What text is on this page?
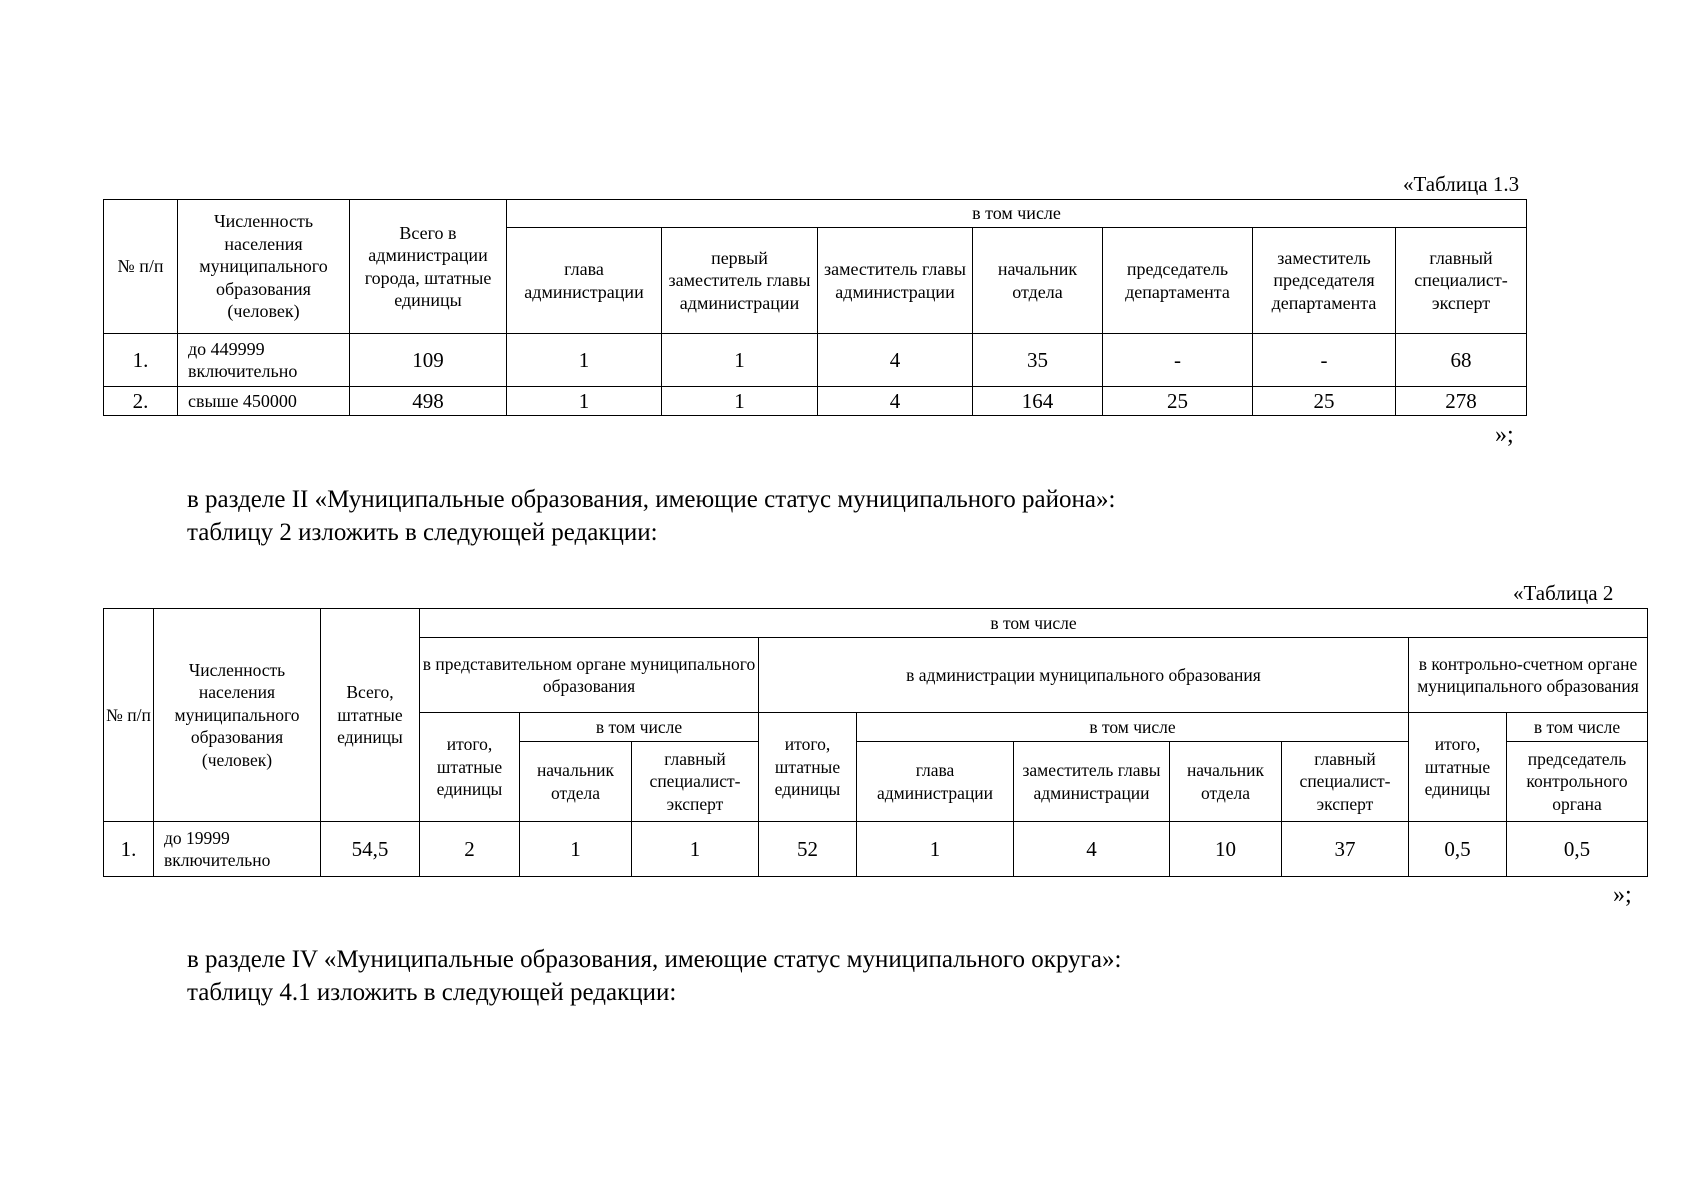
«Таблица 1.3
№ п/п	Численность населения муниципального образования (человек)	Всего в администрации города, штатные единицы	в том числе						
			глава администрации	первый заместитель главы администрации	заместитель главы администрации	начальник отдела	председатель департамента	заместитель председателя департамента	главный специалист-эксперт
1.	до 449999 включительно	109	1	1	4	35	-	-	68
2.	свыше 450000	498	1	1	4	164	25	25	278
»;
в разделе II «Муниципальные образования, имеющие статус муниципального района»:
таблицу 2 изложить в следующей редакции:
«Таблица 2
№ п/п	Численность населения муниципального образования (человек)	Всего, штатные единицы	в том числе									
			в представительном органе муниципального образования			в администрации муниципального образования					в контрольно-счетном органе муниципального образования	
			итого, штатные единицы	в том числе		итого, штатные единицы	в том числе				итого, штатные единицы	в том числе
				начальник отдела	главный специалист-эксперт		глава администрации	заместитель главы администрации	начальник отдела	главный специалист-эксперт		председатель контрольного органа
1.	до 19999 включительно	54,5	2	1	1	52	1	4	10	37	0,5	0,5
»;
в разделе IV «Муниципальные образования, имеющие статус муниципального округа»:
таблицу 4.1 изложить в следующей редакции:
